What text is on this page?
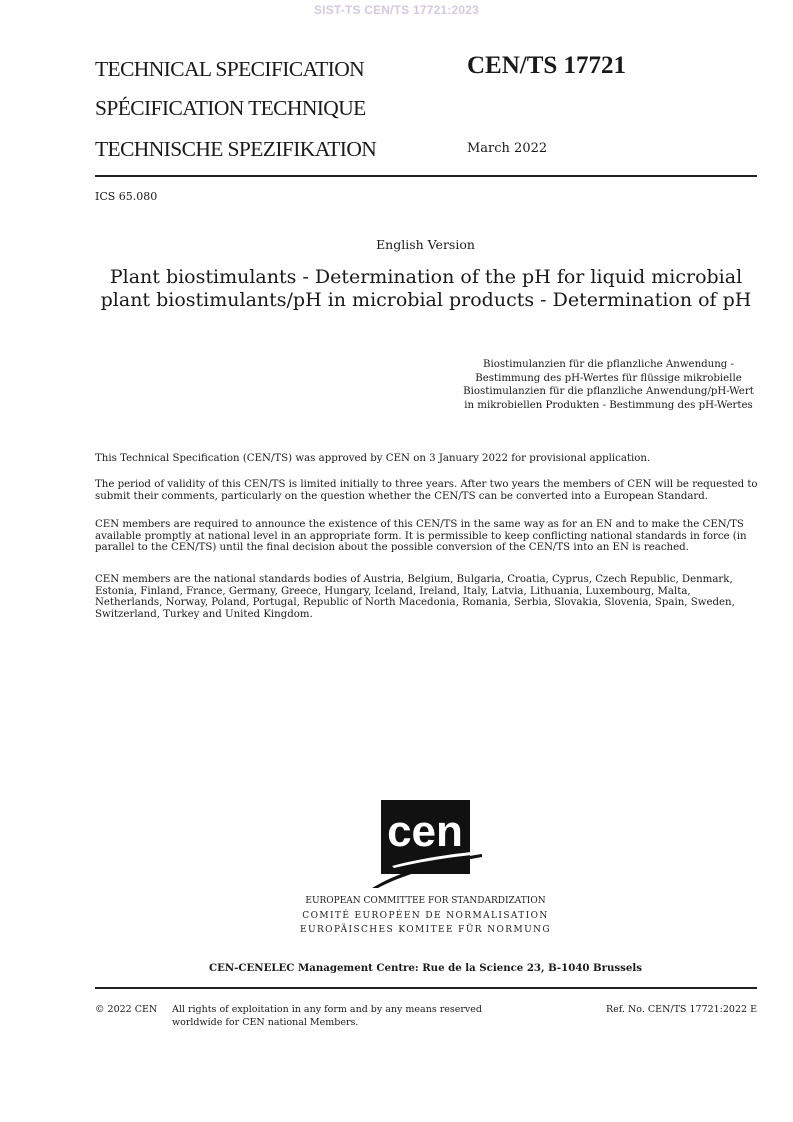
SIST-TS CEN/TS 17721:2023
TECHNICAL SPECIFICATION
SPÉCIFICATION TECHNIQUE
TECHNISCHE SPEZIFIKATION
CEN/TS 17721
March 2022
ICS 65.080
English Version
Plant biostimulants - Determination of the pH for liquid microbial plant biostimulants/pH in microbial products - Determination of pH
Biostimulanzien für die pflanzliche Anwendung - Bestimmung des pH-Wertes für flüssige mikrobielle Biostimulanzien für die pflanzliche Anwendung/pH-Wert in mikrobiellen Produkten - Bestimmung des pH-Wertes
This Technical Specification (CEN/TS) was approved by CEN on 3 January 2022 for provisional application.
The period of validity of this CEN/TS is limited initially to three years. After two years the members of CEN will be requested to submit their comments, particularly on the question whether the CEN/TS can be converted into a European Standard.
CEN members are required to announce the existence of this CEN/TS in the same way as for an EN and to make the CEN/TS available promptly at national level in an appropriate form. It is permissible to keep conflicting national standards in force (in parallel to the CEN/TS) until the final decision about the possible conversion of the CEN/TS into an EN is reached.
CEN members are the national standards bodies of Austria, Belgium, Bulgaria, Croatia, Cyprus, Czech Republic, Denmark, Estonia, Finland, France, Germany, Greece, Hungary, Iceland, Ireland, Italy, Latvia, Lithuania, Luxembourg, Malta, Netherlands, Norway, Poland, Portugal, Republic of North Macedonia, Romania, Serbia, Slovakia, Slovenia, Spain, Sweden, Switzerland, Turkey and United Kingdom.
cen
EUROPEAN COMMITTEE FOR STANDARDIZATION
COMITÉ EUROPÉEN DE NORMALISATION
EUROPÄISCHES KOMITEE FÜR NORMUNG
CEN-CENELEC Management Centre: Rue de la Science 23, B-1040 Brussels
© 2022 CEN All rights of exploitation in any form and by any means reserved
worldwide for CEN national Members.
Ref. No. CEN/TS 17721:2022 E
